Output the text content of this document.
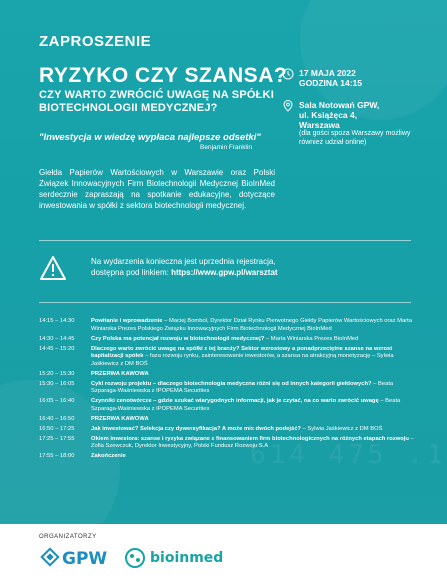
614 475 .1
ZAPROSZENIE
RYZYKO CZY SZANSA?
CZY WARTO ZWRÓCIĆ UWAGĘ NA SPÓŁKI BIOTECHNOLOGII MEDYCZNEJ?
17 MAJA 2022
GODZINA 14:15
Sala Notowań GPW,
ul. Książęca 4,
Warszawa
(dla gości spoza Warszawy możliwy również udział online)
"Inwestycja w wiedzę wypłaca najlepsze odsetki"
Benjamin Franklin
Giełda Papierów Wartościowych w Warszawie oraz Polski Związek Innowacyjnych Firm Biotechnologii Medycznej BioInMed serdecznie zapraszają na spotkanie edukacyjne, dotyczące inwestowania w spółki z sektora biotechnologii medycznej.
Na wydarzenia konieczna jest uprzednia rejestracja,
dostępna pod linkiem: https://www.gpw.pl/warsztat
14:15 – 14:30	Powitanie i wprowadzenie – Maciej Bombol, Dyrektor Dział Rynku Pierwotnego Giełdy Papierów Wartościowych oraz Marta Winiarska Prezes Polskiego Związku Innowacyjnych Firm Biotechnologii Medycznej BioInMed
14:30 – 14:45	Czy Polska ma potencjał rozwoju w biotechnologii medycznej? – Marta Winiarska Prezes BioInMed
14:45 – 15:20	Dlaczego warto zwrócić uwagę na spółki z tej branży? Sektor wzrostowy a ponadprzeciętne szanse na wzrost kapitalizacji spółek – faza rozwoju rynku, zainteresowanie inwestorów, a szansa na atrakcyjną monetyzację – Sylwia Jaśkiewicz z DM BOŚ
15:20 – 15:30	PRZERWA KAWOWA
15:30 – 16:05	Cykl rozwoju projektu – dlaczego biotechnologia medyczna różni się od innych kategorii giełdowych? – Beata Szparaga-Waśniewska z IPOPEMA Securities
16:05 – 16:40	Czynniki cenotwórcze – gdzie szukać wiarygodnych informacji, jak je czytać, na co warto zwrócić uwagę – Beata Szparaga-Waśniewska z IPOPEMA Securities
16:40 – 16:50	PRZERWA KAWOWA
16:50 – 17:25	Jak inwestować? Selekcja czy dywersyfikacja? A może mix dwóch podejść? – Sylwia Jaśkiewicz z DM BOŚ
17:25 – 17:55	Okiem inwestora: szanse i ryzyka związane z finansowaniem firm biotechnologicznych na różnych etapach rozwoju – Zofia Szewczuk, Dyrektor Inwestycyjny, Polski Fundusz Rozwoju S.A
17:55 – 18:00	Zakończenie
ORGANIZATORZY
GPW	bioinmed
